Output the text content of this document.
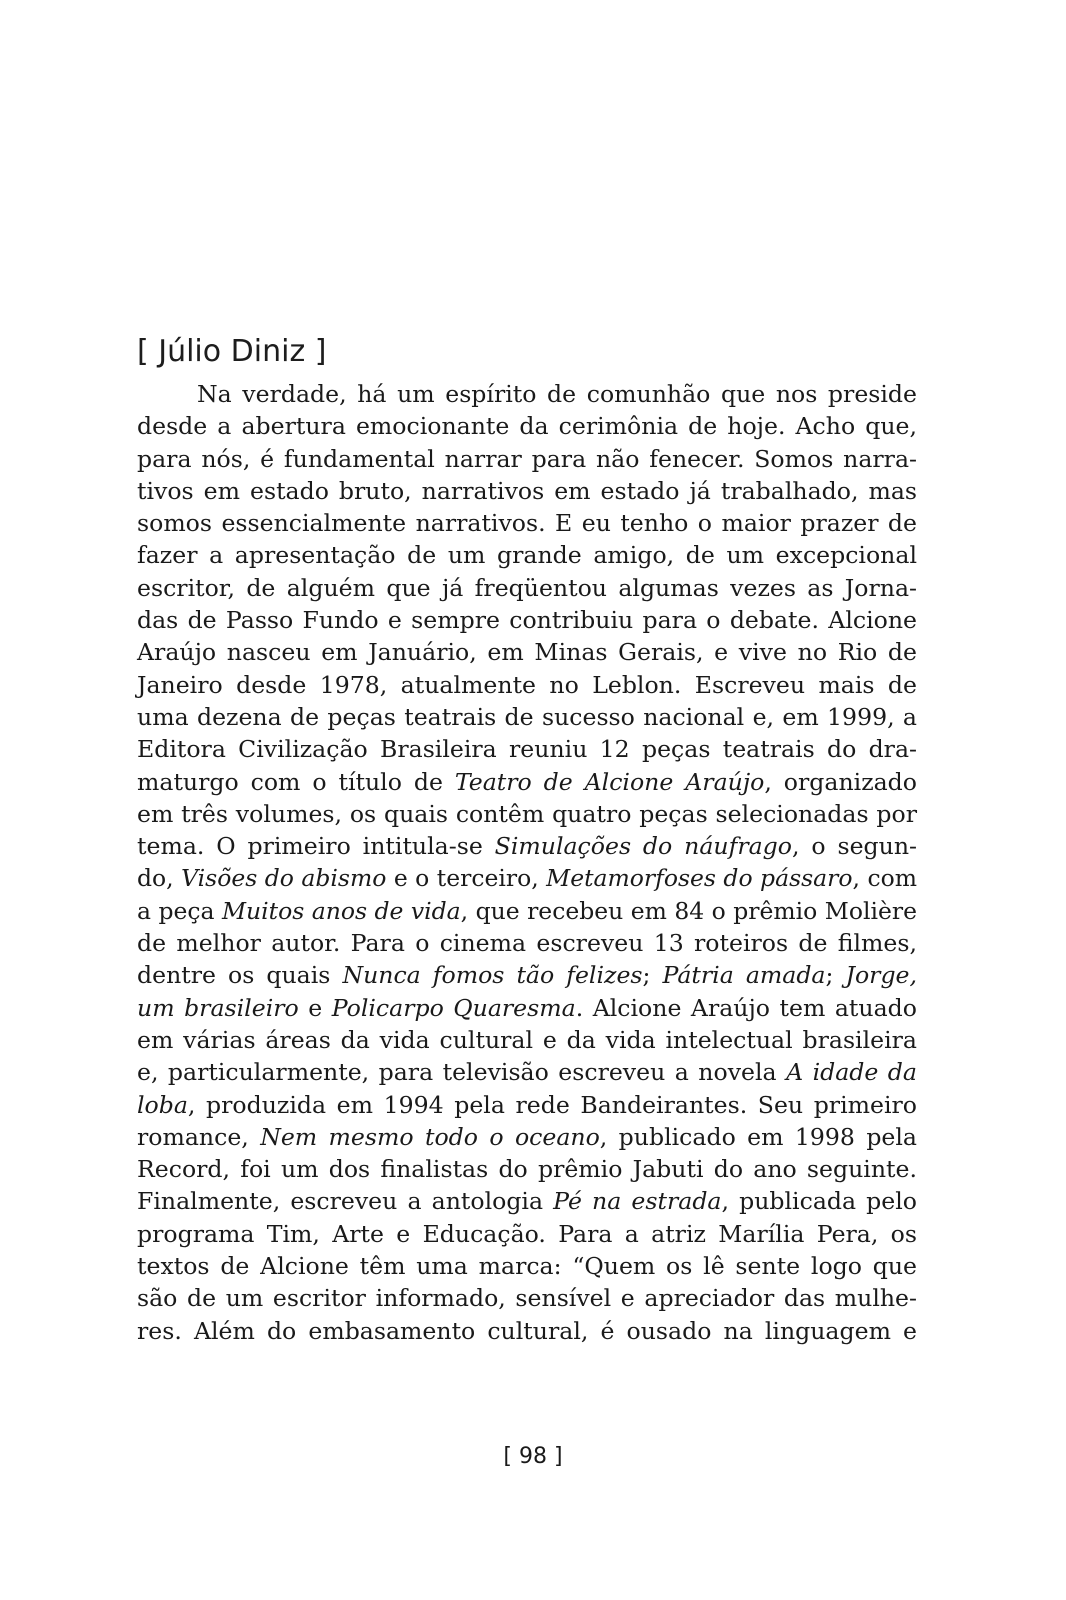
[ Júlio Diniz ]
Na verdade, há um espírito de comunhão que nos preside
desde a abertura emocionante da cerimônia de hoje. Acho que,
para nós, é fundamental narrar para não fenecer. Somos narra-
tivos em estado bruto, narrativos em estado já trabalhado, mas
somos essencialmente narrativos. E eu tenho o maior prazer de
fazer a apresentação de um grande amigo, de um excepcional
escritor, de alguém que já freqüentou algumas vezes as Jorna-
das de Passo Fundo e sempre contribuiu para o debate. Alcione
Araújo nasceu em Januário, em Minas Gerais, e vive no Rio de
Janeiro desde 1978, atualmente no Leblon. Escreveu mais de
uma dezena de peças teatrais de sucesso nacional e, em 1999, a
Editora Civilização Brasileira reuniu 12 peças teatrais do dra-
maturgo com o título de Teatro de Alcione Araújo, organizado
em três volumes, os quais contêm quatro peças selecionadas por
tema. O primeiro intitula-se Simulações do náufrago, o segun-
do, Visões do abismo e o terceiro, Metamorfoses do pássaro, com
a peça Muitos anos de vida, que recebeu em 84 o prêmio Molière
de melhor autor. Para o cinema escreveu 13 roteiros de filmes,
dentre os quais Nunca fomos tão felizes; Pátria amada; Jorge,
um brasileiro e Policarpo Quaresma. Alcione Araújo tem atuado
em várias áreas da vida cultural e da vida intelectual brasileira
e, particularmente, para televisão escreveu a novela A idade da
loba, produzida em 1994 pela rede Bandeirantes. Seu primeiro
romance, Nem mesmo todo o oceano, publicado em 1998 pela
Record, foi um dos finalistas do prêmio Jabuti do ano seguinte.
Finalmente, escreveu a antologia Pé na estrada, publicada pelo
programa Tim, Arte e Educação. Para a atriz Marília Pera, os
textos de Alcione têm uma marca: “Quem os lê sente logo que
são de um escritor informado, sensível e apreciador das mulhe-
res. Além do embasamento cultural, é ousado na linguagem e
[ 98 ]
